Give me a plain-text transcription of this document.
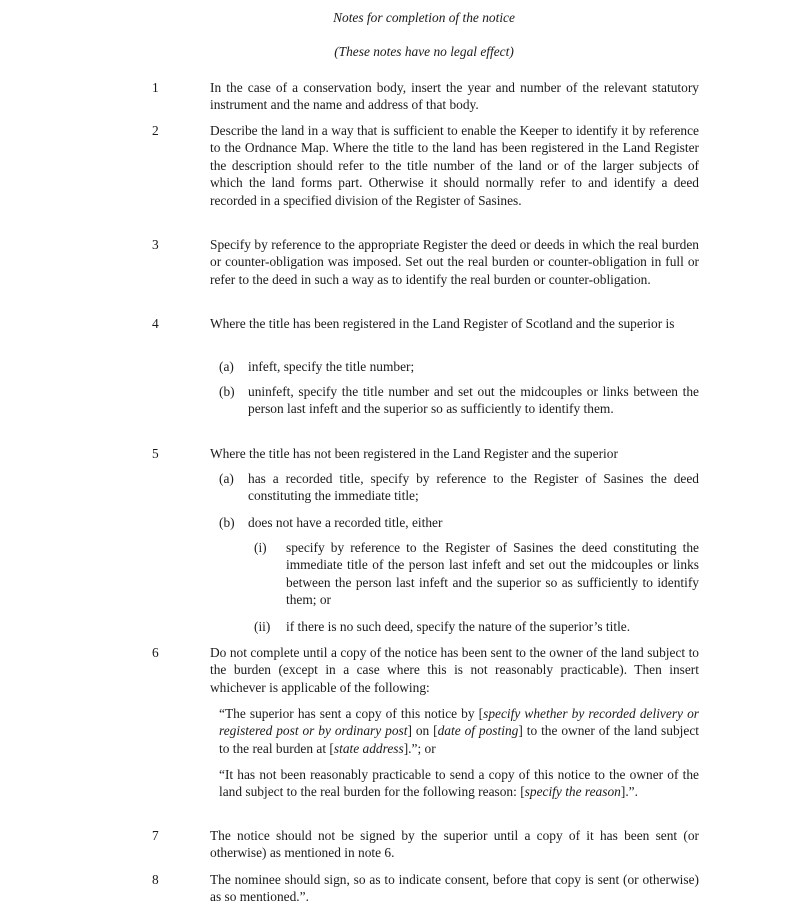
Notes for completion of the notice
(These notes have no legal effect)
1	In the case of a conservation body, insert the year and number of the relevant statutory instrument and the name and address of that body.
2	Describe the land in a way that is sufficient to enable the Keeper to identify it by reference to the Ordnance Map. Where the title to the land has been registered in the Land Register the description should refer to the title number of the land or of the larger subjects of which the land forms part. Otherwise it should normally refer to and identify a deed recorded in a specified division of the Register of Sasines.
3	Specify by reference to the appropriate Register the deed or deeds in which the real burden or counter-obligation was imposed. Set out the real burden or counter-obligation in full or refer to the deed in such a way as to identify the real burden or counter-obligation.
4	Where the title has been registered in the Land Register of Scotland and the superior is
(a) infeft, specify the title number;
(b) uninfeft, specify the title number and set out the midcouples or links between the person last infeft and the superior so as sufficiently to identify them.
5	Where the title has not been registered in the Land Register and the superior
(a) has a recorded title, specify by reference to the Register of Sasines the deed constituting the immediate title;
(b) does not have a recorded title, either
(i) specify by reference to the Register of Sasines the deed constituting the immediate title of the person last infeft and set out the midcouples or links between the person last infeft and the superior so as sufficiently to identify them; or
(ii) if there is no such deed, specify the nature of the superior’s title.
6	Do not complete until a copy of the notice has been sent to the owner of the land subject to the burden (except in a case where this is not reasonably practicable). Then insert whichever is applicable of the following:
“The superior has sent a copy of this notice by [specify whether by recorded delivery or registered post or by ordinary post] on [date of posting] to the owner of the land subject to the real burden at [state address].”; or
“It has not been reasonably practicable to send a copy of this notice to the owner of the land subject to the real burden for the following reason: [specify the reason].”.
7	The notice should not be signed by the superior until a copy of it has been sent (or otherwise) as mentioned in note 6.
8	The nominee should sign, so as to indicate consent, before that copy is sent (or otherwise) as so mentioned.”.
